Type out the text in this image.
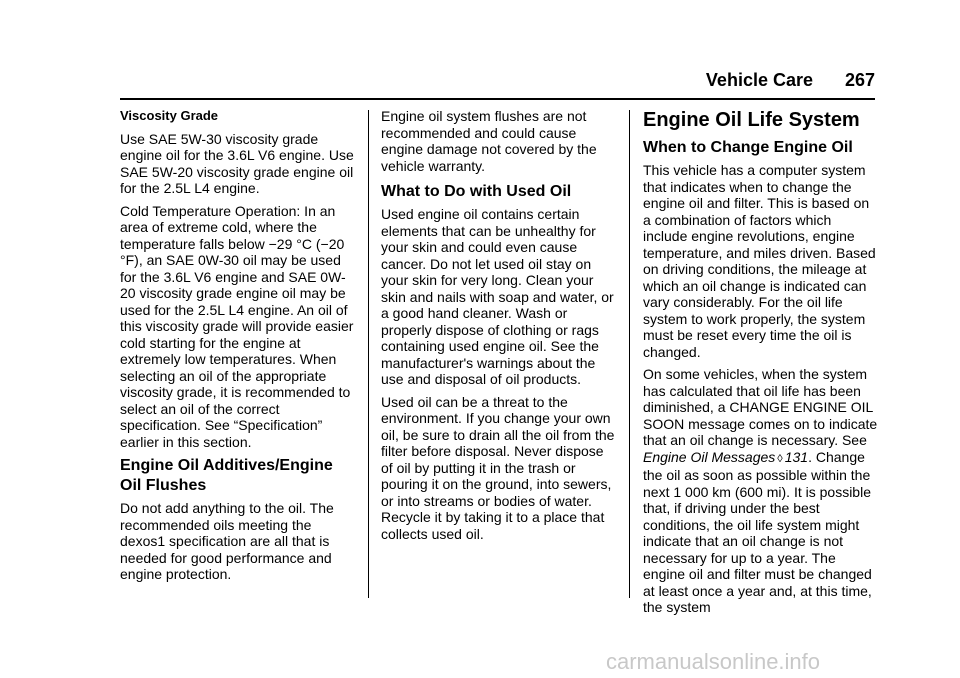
Vehicle Care 267

Viscosity Grade

Use SAE 5W-30 viscosity grade engine oil for the 3.6L V6 engine. Use SAE 5W-20 viscosity grade engine oil for the 2.5L L4 engine.

Cold Temperature Operation: In an area of extreme cold, where the temperature falls below −29 °C (−20 °F), an SAE 0W-30 oil may be used for the 3.6L V6 engine and SAE 0W-20 viscosity grade engine oil may be used for the 2.5L L4 engine. An oil of this viscosity grade will provide easier cold starting for the engine at extremely low temperatures. When selecting an oil of the appropriate viscosity grade, it is recommended to select an oil of the correct specification. See “Specification” earlier in this section.

Engine Oil Additives/Engine Oil Flushes

Do not add anything to the oil. The recommended oils meeting the dexos1 specification are all that is needed for good performance and engine protection.

Engine oil system flushes are not recommended and could cause engine damage not covered by the vehicle warranty.

What to Do with Used Oil

Used engine oil contains certain elements that can be unhealthy for your skin and could even cause cancer. Do not let used oil stay on your skin for very long. Clean your skin and nails with soap and water, or a good hand cleaner. Wash or properly dispose of clothing or rags containing used engine oil. See the manufacturer's warnings about the use and disposal of oil products.

Used oil can be a threat to the environment. If you change your own oil, be sure to drain all the oil from the filter before disposal. Never dispose of oil by putting it in the trash or pouring it on the ground, into sewers, or into streams or bodies of water. Recycle it by taking it to a place that collects used oil.

Engine Oil Life System
When to Change Engine Oil

This vehicle has a computer system that indicates when to change the engine oil and filter. This is based on a combination of factors which include engine revolutions, engine temperature, and miles driven. Based on driving conditions, the mileage at which an oil change is indicated can vary considerably. For the oil life system to work properly, the system must be reset every time the oil is changed.

On some vehicles, when the system has calculated that oil life has been diminished, a CHANGE ENGINE OIL SOON message comes on to indicate that an oil change is necessary. See Engine Oil Messages ◊ 131. Change the oil as soon as possible within the next 1 000 km (600 mi). It is possible that, if driving under the best conditions, the oil life system might indicate that an oil change is not necessary for up to a year. The engine oil and filter must be changed at least once a year and, at this time, the system

carmanualsonline.info
